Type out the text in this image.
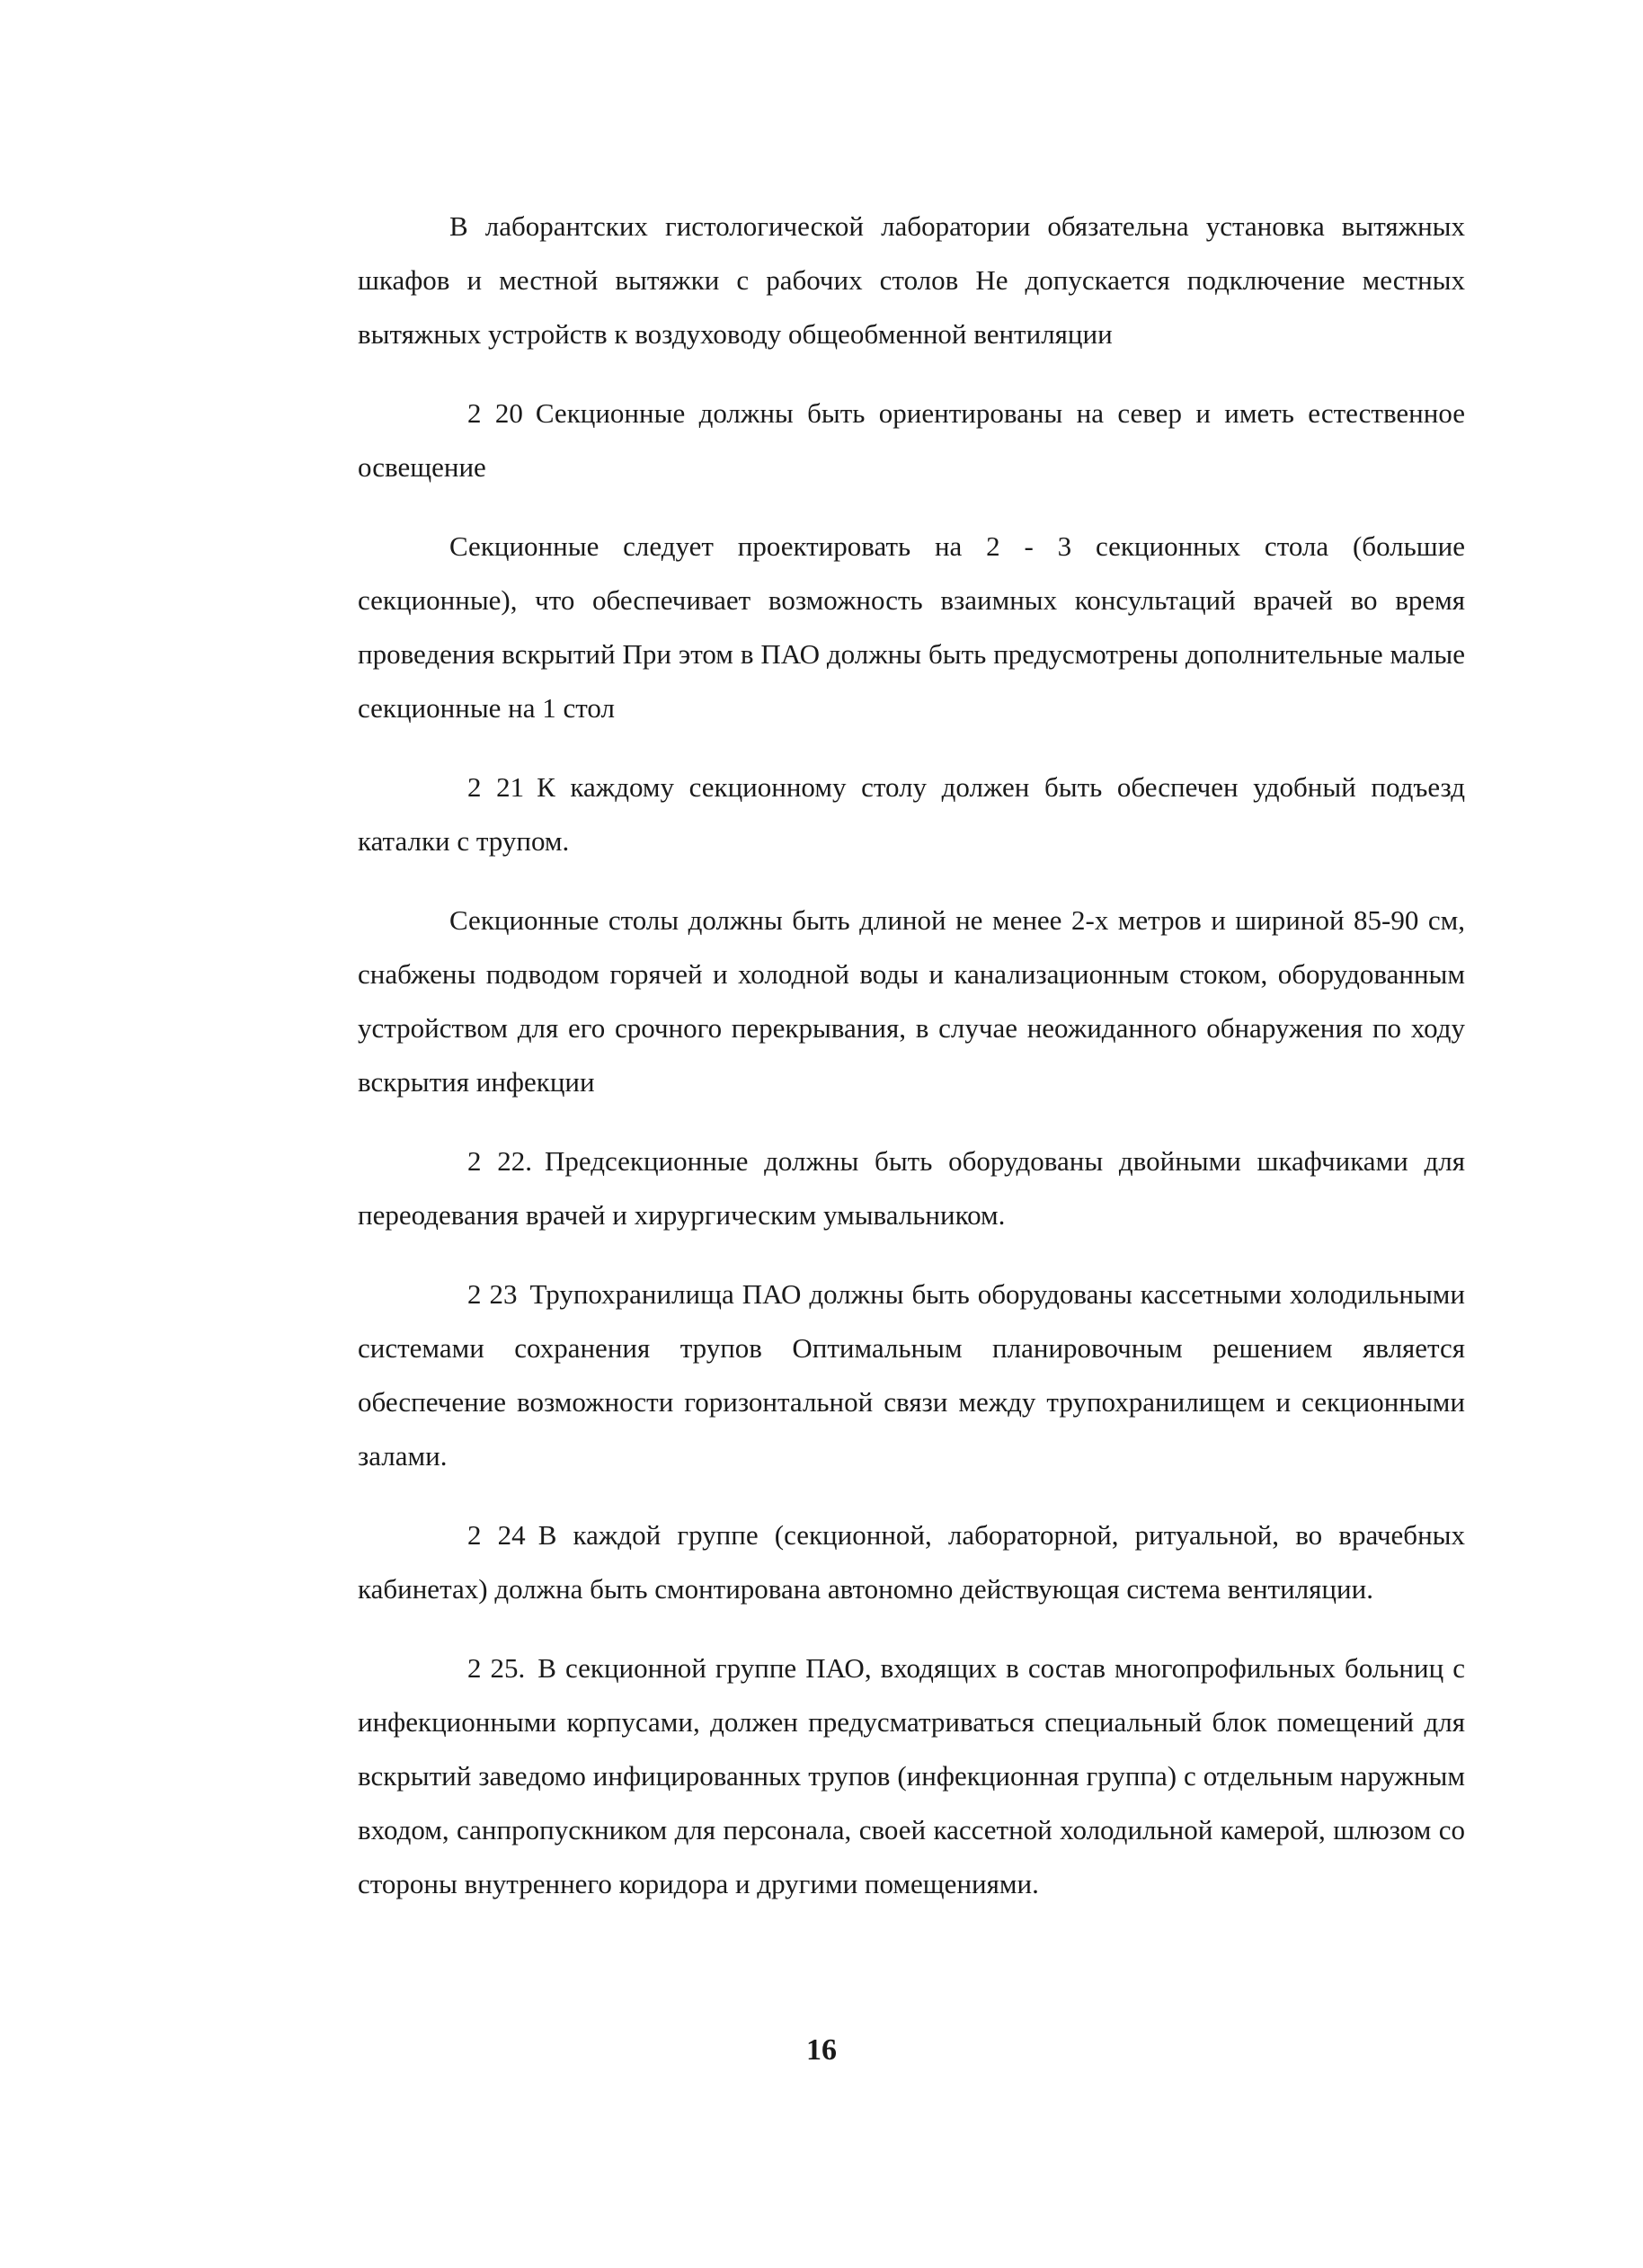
В лаборантских гистологической лаборатории обязательна установка вытяжных шкафов и местной вытяжки с рабочих столов Не допускается подключение местных вытяжных устройств к воздуховоду общеобменной вентиляции

2 20 Секционные должны быть ориентированы на север и иметь естественное освещение

Секционные следует проектировать на 2 - 3 секционных стола (большие секционные), что обеспечивает возможность взаимных консультаций врачей во время проведения вскрытий При этом в ПАО должны быть предусмотрены дополнительные малые секционные на 1 стол

2 21 К каждому секционному столу должен быть обеспечен удобный подъезд каталки с трупом.

Секционные столы должны быть длиной не менее 2-х метров и шириной 85-90 см, снабжены подводом горячей и холодной воды и канализационным стоком, оборудованным устройством для его срочного перекрывания, в случае неожиданного обнаружения по ходу вскрытия инфекции

2 22. Предсекционные должны быть оборудованы двойными шкафчиками для переодевания врачей и хирургическим умывальником.

2 23 Трупохранилища ПАО должны быть оборудованы кассетными холодильными системами сохранения трупов Оптимальным планировочным решением является обеспечение возможности горизонтальной связи между трупохранилищем и секционными залами.

2 24 В каждой группе (секционной, лабораторной, ритуальной, во врачебных кабинетах) должна быть смонтирована автономно действующая система вентиляции.

2 25. В секционной группе ПАО, входящих в состав многопрофильных больниц с инфекционными корпусами, должен предусматриваться специальный блок помещений для вскрытий заведомо инфицированных трупов (инфекционная группа) с отдельным наружным входом, санпропускником для персонала, своей кассетной холодильной камерой, шлюзом со стороны внутреннего коридора и другими помещениями.

16
